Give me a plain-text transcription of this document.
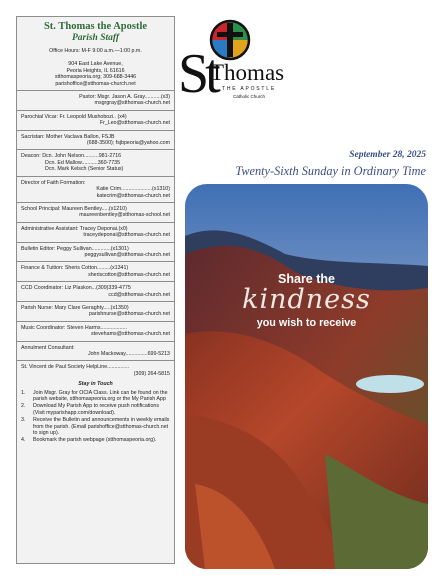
St. Thomas the Apostle
Parish Staff
Office Hours: M-F 9:00 a.m.—1:00 p.m.
904 East Lake Avenue,
Peoria Heights, IL 61616
stthomaspeoria.org; 309-688-3446
parishoffice@stthomas-church.net
Pastor: Msgr. Jason A. Gray...........(x3)
msgrgray@stthomas-church.net
Parochial Vicar: Fr. Leopold Mushobozi.. (x4)
Fr_Leo@stthomas-church.net
Sacristan: Mother Vaclava Ballon, FSJB
(688-3500); fsjbpeoria@yahoo.com
Deacon: Dcn. John Nelson..........981-2716
Dcn. Ed Mallow...........360-7735
Dcn. Mark Kelsch (Senior Status)
Director of Faith Formation:
Katie Crim.....................(x1310)
katecrim@stthomas-church.net
School Principal: Maureen Bentley.....(x1210)
maureenbentley@stthomas-school.net
Administrative Assistant: Tracey Deponai.(x0)
traceydeponai@stthomas-church.net
Bulletin Editor: Peggy Sullivan.............(x1301)
peggysullivan@stthomas-church.net
Finance & Tuition: Sheris Cotton.........(x1341)
sheriscotton@stthomas-church.net
CCD Coordinator: Liz Plaskon...(309)339-4775
ccd@stthomas-church.net
Parish Nurse: Mary Clare Geraghty.....(x1350)
parishnurse@stthomas-church.net
Music Coordinator: Steven Harms..................
stevehams@stthomas-church.net
Annulment Consultant:
John Mackoway...............699-5213
St. Vincent de Paul Society HelpLine...............
(309) 264-5815
Stay in Touch
1.	Join Msgr. Gray for OCIA Class. Link can be found on the parish website, stthomaspeoria.org or the My Parish App
2.	Download My Parish App to receive push notifications (Visit myparishapp.com/download).
3.	Receive the Bulletin and announcements in weekly emails from the parish. (Email parishoffice@stthomas-church.net to sign up).
4.	Bookmark the parish webpage (stthomaspeoria.org).
St
Thomas
THE APOSTLE
Catholic Church
September 28, 2025
Twenty-Sixth Sunday in Ordinary Time
Share the
kindness
you wish to receive
